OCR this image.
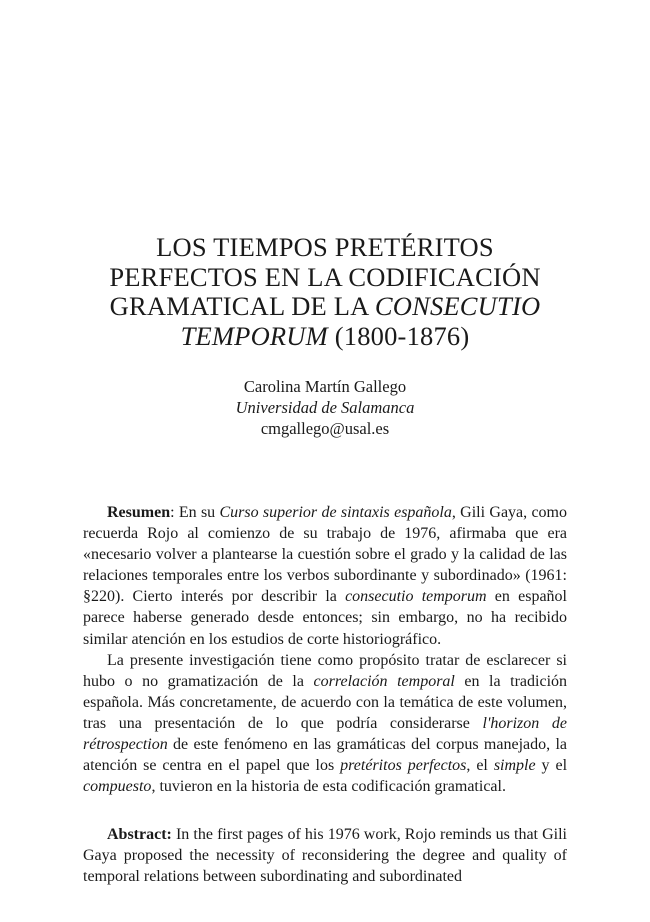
LOS TIEMPOS PRETÉRITOS
PERFECTOS EN LA CODIFICACIÓN
GRAMATICAL DE LA CONSECUTIO
TEMPORUM (1800-1876)
Carolina Martín Gallego
Universidad de Salamanca
cmgallego@usal.es

Resumen: En su Curso superior de sintaxis española, Gili Gaya, como recuerda Rojo al comienzo de su trabajo de 1976, afirmaba que era «necesario volver a plantearse la cuestión sobre el grado y la calidad de las relaciones temporales entre los verbos subordinante y subordinado» (1961: §220). Cierto interés por describir la consecutio temporum en español parece haberse generado desde entonces; sin embargo, no ha recibido similar atención en los estudios de corte historiográfico.

La presente investigación tiene como propósito tratar de esclarecer si hubo o no gramatización de la correlación temporal en la tradición española. Más concretamente, de acuerdo con la temática de este volumen, tras una presentación de lo que podría considerarse l'horizon de rétrospection de este fenómeno en las gramáticas del corpus manejado, la atención se centra en el papel que los pretéritos perfectos, el simple y el compuesto, tuvieron en la historia de esta codificación gramatical.

Abstract: In the first pages of his 1976 work, Rojo reminds us that Gili Gaya proposed the necessity of reconsidering the degree and quality of temporal relations between subordinating and subordinated
